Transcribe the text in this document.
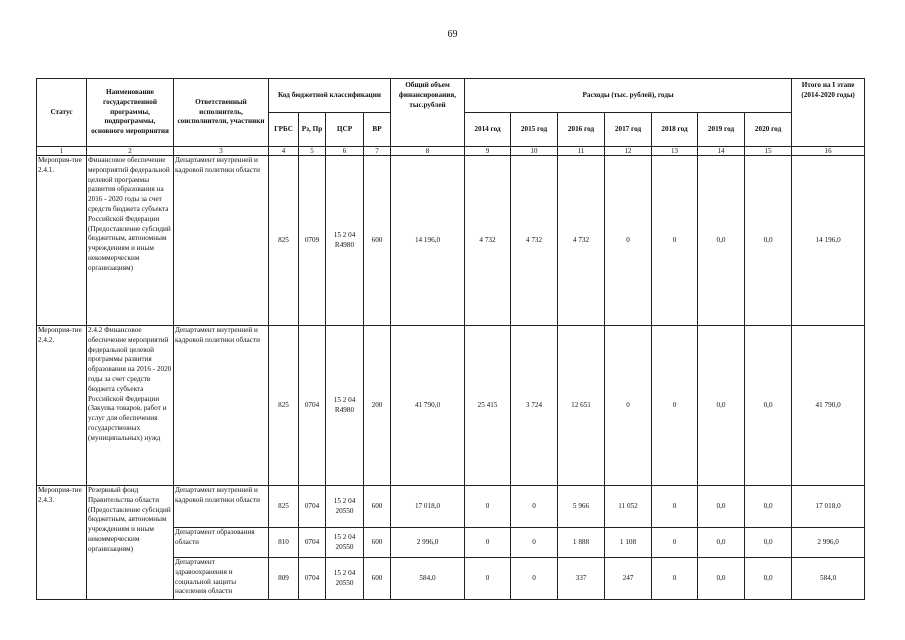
69
Статус	Наименование государственной программы, подпрограммы, основного мероприятия	Ответственный исполнитель, соисполнители, участники	Код бюджетной классификации				Общий объем финансирования, тыс.рублей	Расходы (тыс. рублей), годы							Итого на I этапе (2014-2020 годы)
			ГРБС	Рз, Пр	ЦСР	ВР		2014 год	2015 год	2016 год	2017 год	2018 год	2019 год	2020 год	
1	2	3	4	5	6	7	8	9	10	11	12	13	14	15	16
Мероприя-тие 2.4.1.	Финансовое обеспечение мероприятий федеральной целевой программы развития образования на 2016 - 2020 годы за счет средств бюджета субъекта Российской Федерации (Предоставление субсидий бюджетным, автономным учреждениям и иным некоммерческим организациям)	Департамент внутренней и кадровой политики области	825	0709	15 2 04 R4980	600	14 196,0	4 732	4 732	4 732	0	0	0,0	0,0	14 196,0
Мероприя-тие 2.4.2.	2.4.2 Финансовое обеспечение мероприятий федеральной целевой программы развития образования на 2016 - 2020 годы за счет средств бюджета субъекта Российской Федерации (Закупка товаров, работ и услуг для обеспечения государственных (муниципальных) нужд	Департамент внутренней и кадровой политики области	825	0704	15 2 04 R4980	200	41 790,0	25 415	3 724	12 651	0	0	0,0	0,0	41 790,0
Мероприя-тие 2.4.3.	Резервный фонд Правительства области (Предоставление субсидий бюджетным, автономным учреждениям и иным некоммерческим организациям)	Департамент внутренней и кадровой политики области	825	0704	15 2 04 20550	600	17 018,0	0	0	5 966	11 052	0	0,0	0,0	17 018,0
		Департамент образования области	810	0704	15 2 04 20550	600	2 996,0	0	0	1 888	1 108	0	0,0	0,0	2 996,0
		Департамент здравоохранения и социальной защиты населения области	809	0704	15 2 04 20550	600	584,0	0	0	337	247	0	0,0	0,0	584,0
